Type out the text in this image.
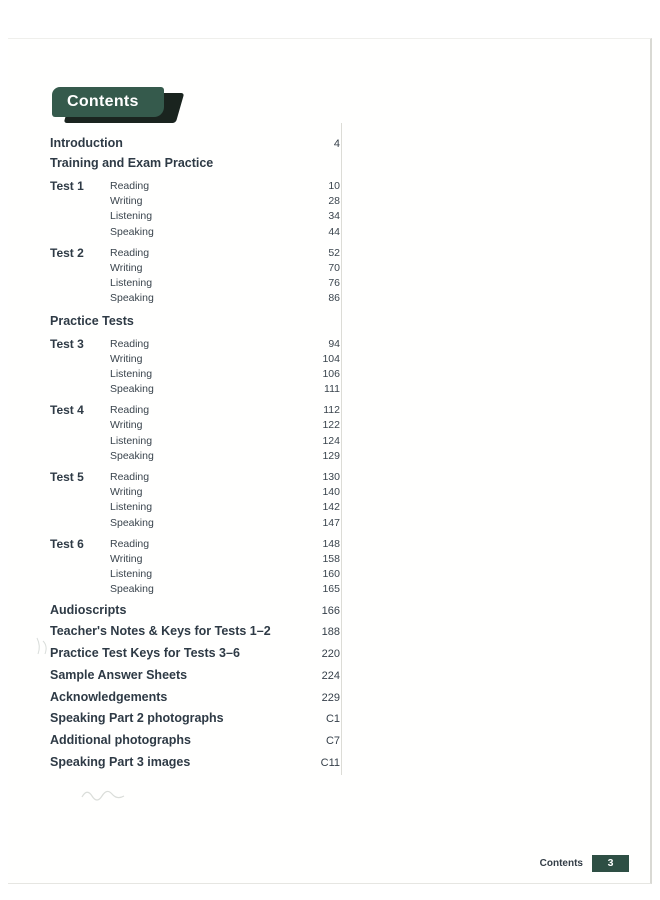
Contents
Introduction	4
Training and Exam Practice
Test 1	Reading	10
Writing	28
Listening	34
Speaking	44
Test 2	Reading	52
Writing	70
Listening	76
Speaking	86
Practice Tests
Test 3	Reading	94
Writing	104
Listening	106
Speaking	111
Test 4	Reading	112
Writing	122
Listening	124
Speaking	129
Test 5	Reading	130
Writing	140
Listening	142
Speaking	147
Test 6	Reading	148
Writing	158
Listening	160
Speaking	165
Audioscripts	166
Teacher's Notes & Keys for Tests 1–2	188
Practice Test Keys for Tests 3–6	220
Sample Answer Sheets	224
Acknowledgements	229
Speaking Part 2 photographs	C1
Additional photographs	C7
Speaking Part 3 images	C11
Contents	3
